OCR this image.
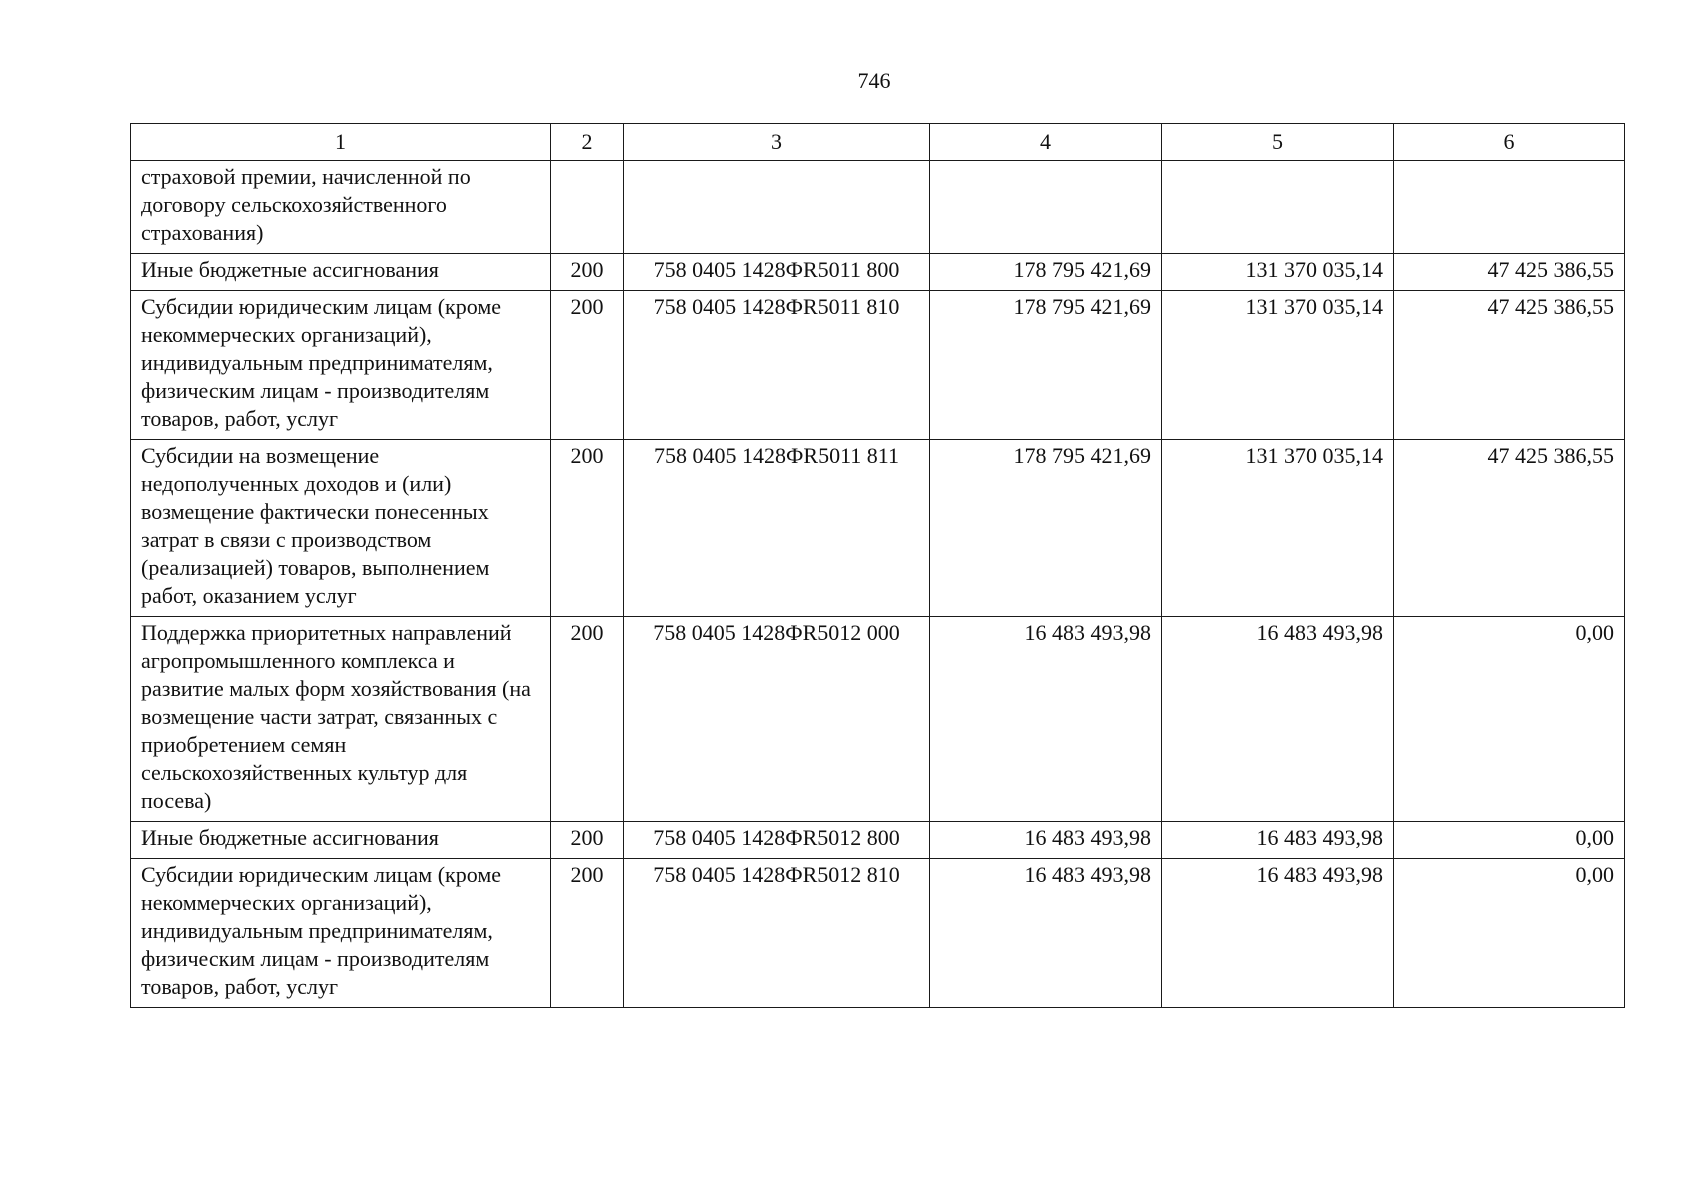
746
1	2	3	4	5	6
страховой премии, начисленной по договору сельскохозяйственного страхования)					
Иные бюджетные ассигнования	200	758 0405 1428ФR5011 800	178 795 421,69	131 370 035,14	47 425 386,55
Субсидии юридическим лицам (кроме некоммерческих организаций), индивидуальным предпринимателям, физическим лицам - производителям товаров, работ, услуг	200	758 0405 1428ФR5011 810	178 795 421,69	131 370 035,14	47 425 386,55
Субсидии на возмещение недополученных доходов и (или) возмещение фактически понесенных затрат в связи с производством (реализацией) товаров, выполнением работ, оказанием услуг	200	758 0405 1428ФR5011 811	178 795 421,69	131 370 035,14	47 425 386,55
Поддержка приоритетных направлений агропромышленного комплекса и развитие малых форм хозяйствования (на возмещение части затрат, связанных с приобретением семян сельскохозяйственных культур для посева)	200	758 0405 1428ФR5012 000	16 483 493,98	16 483 493,98	0,00
Иные бюджетные ассигнования	200	758 0405 1428ФR5012 800	16 483 493,98	16 483 493,98	0,00
Субсидии юридическим лицам (кроме некоммерческих организаций), индивидуальным предпринимателям, физическим лицам - производителям товаров, работ, услуг	200	758 0405 1428ФR5012 810	16 483 493,98	16 483 493,98	0,00
